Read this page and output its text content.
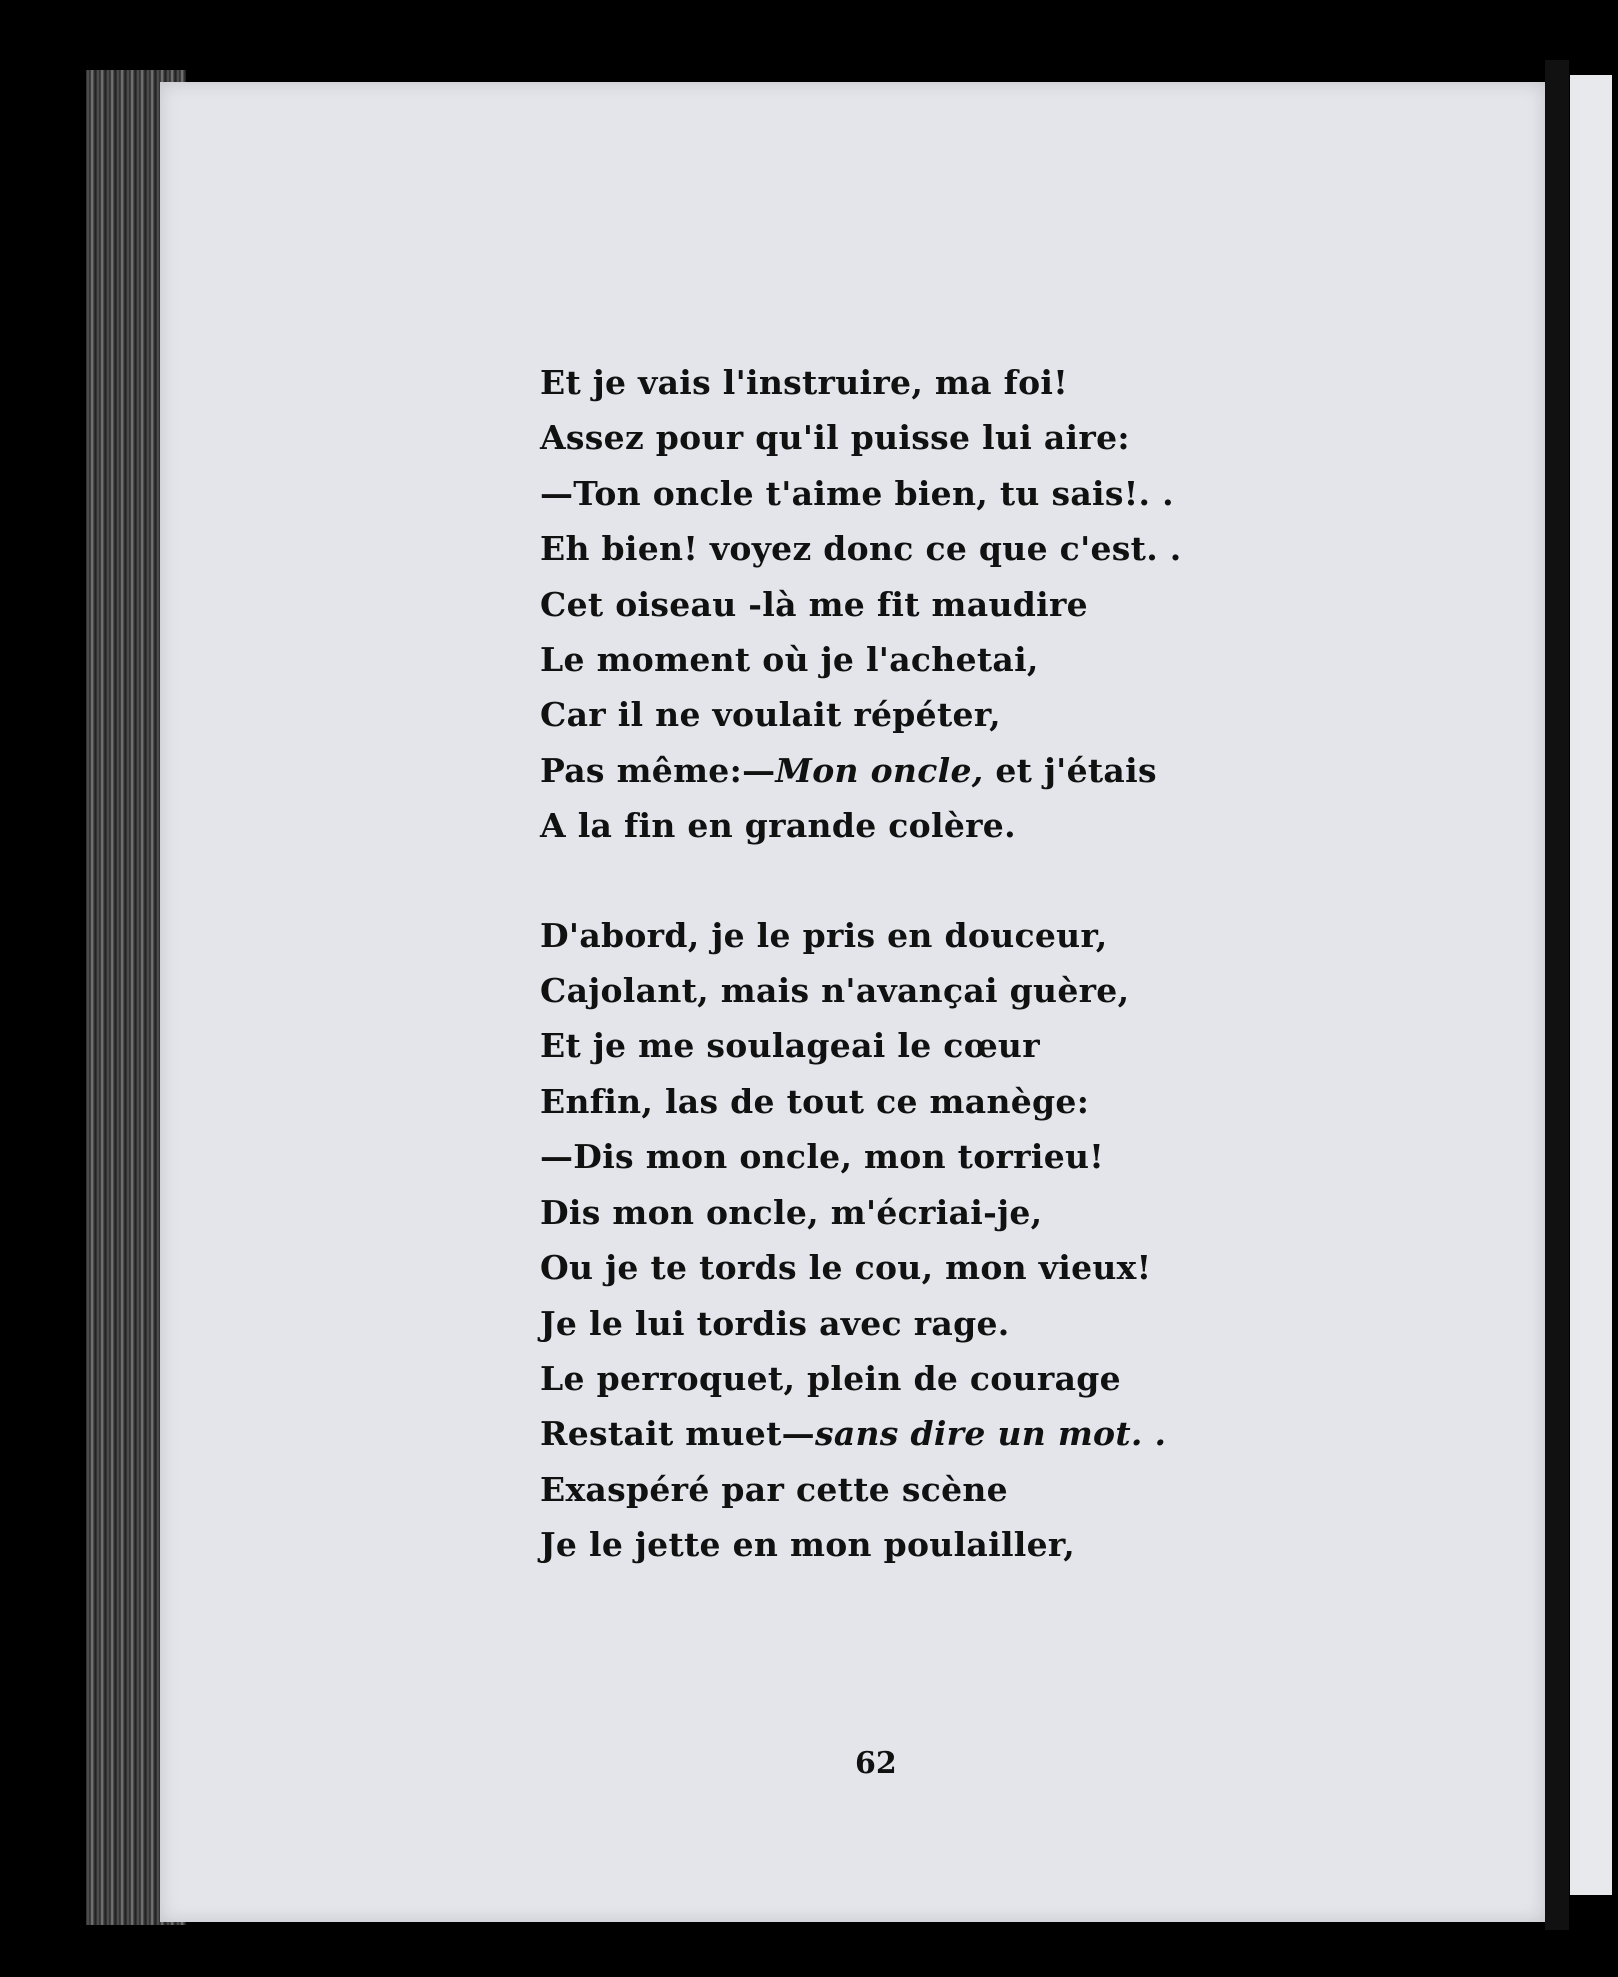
Et je vais l'instruire, ma foi!
Assez pour qu'il puisse lui aire:
—Ton oncle t'aime bien, tu sais!. .
Eh bien! voyez donc ce que c'est. .
Cet oiseau -là me fit maudire
Le moment où je l'achetai,
Car il ne voulait répéter,
Pas même:—Mon oncle, et j'étais
A la fin en grande colère.
D'abord, je le pris en douceur,
Cajolant, mais n'avançai guère,
Et je me soulageai le cœur
Enfin, las de tout ce manège:
—Dis mon oncle, mon torrieu!
Dis mon oncle, m'écriai-je,
Ou je te tords le cou, mon vieux!
Je le lui tordis avec rage.
Le perroquet, plein de courage
Restait muet—sans dire un mot. .
Exaspéré par cette scène
Je le jette en mon poulailler,
62
